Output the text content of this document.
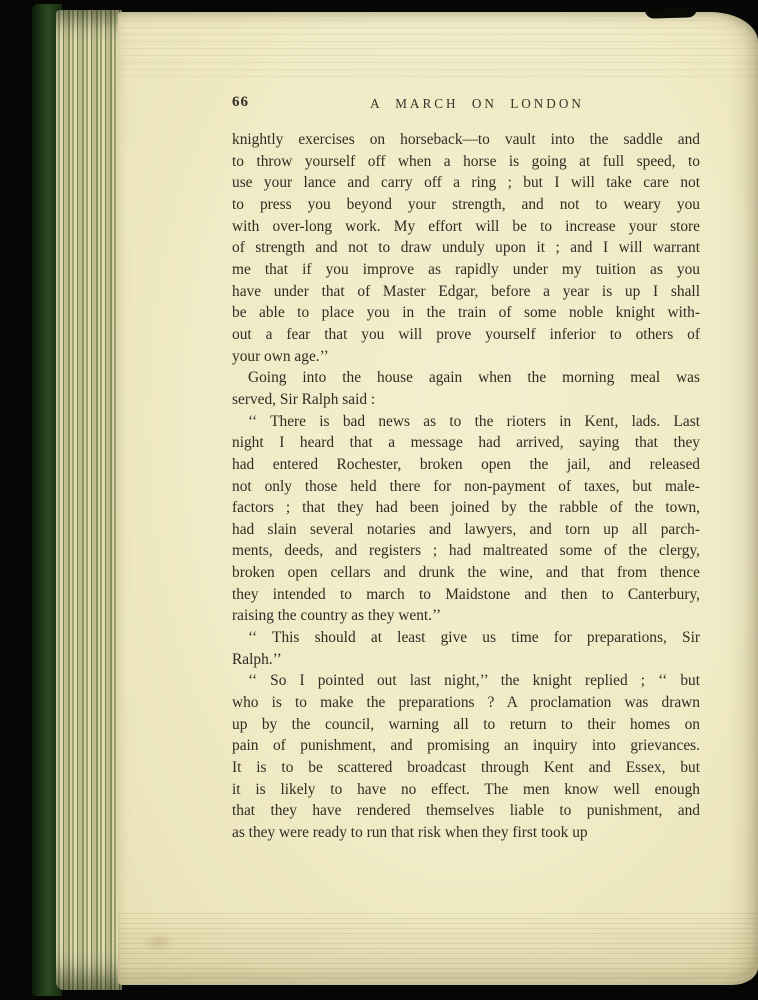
66	A MARCH ON LONDON
knightly exercises on horseback—to vault into the saddle and
to throw yourself off when a horse is going at full speed, to
use your lance and carry off a ring ; but I will take care not
to press you beyond your strength, and not to weary you
with over-long work. My effort will be to increase your store
of strength and not to draw unduly upon it ; and I will warrant
me that if you improve as rapidly under my tuition as you
have under that of Master Edgar, before a year is up I shall
be able to place you in the train of some noble knight with-
out a fear that you will prove yourself inferior to others of
your own age.’’
Going into the house again when the morning meal was
served, Sir Ralph said :
‘‘ There is bad news as to the rioters in Kent, lads. Last
night I heard that a message had arrived, saying that they
had entered Rochester, broken open the jail, and released
not only those held there for non-payment of taxes, but male-
factors ; that they had been joined by the rabble of the town,
had slain several notaries and lawyers, and torn up all parch-
ments, deeds, and registers ; had maltreated some of the clergy,
broken open cellars and drunk the wine, and that from thence
they intended to march to Maidstone and then to Canterbury,
raising the country as they went.’’
‘‘ This should at least give us time for preparations, Sir
Ralph.’’
‘‘ So I pointed out last night,’’ the knight replied ; ‘‘ but
who is to make the preparations ? A proclamation was drawn
up by the council, warning all to return to their homes on
pain of punishment, and promising an inquiry into grievances.
It is to be scattered broadcast through Kent and Essex, but
it is likely to have no effect. The men know well enough
that they have rendered themselves liable to punishment, and
as they were ready to run that risk when they first took up
